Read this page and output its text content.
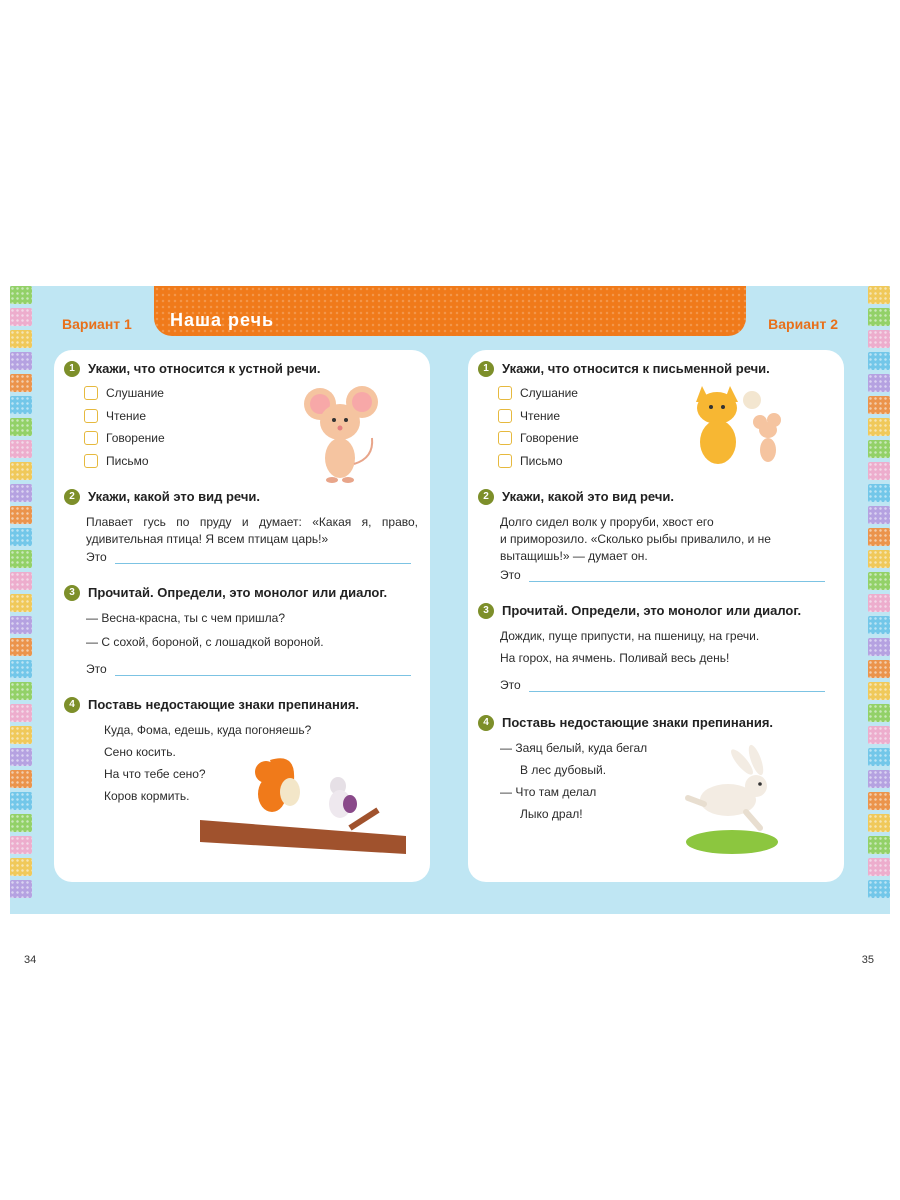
Наша речь
Вариант 1	Вариант 2
1 Укажи, что относится к устной речи.
Слушание
Чтение
Говорение
Письмо
2 Укажи, какой это вид речи.
Плавает гусь по пруду и думает: «Какая я, право, удивительная птица! Я всем птицам царь!»
Это
3 Прочитай. Определи, это монолог или диалог.
— Весна-красна, ты с чем пришла?
— С сохой, бороной, с лошадкой вороной.
Это
4 Поставь недостающие знаки препинания.
Куда, Фома, едешь, куда погоняешь?
Сено косить.
На что тебе сено?
Коров кормить.
34
1 Укажи, что относится к письменной речи.
Слушание
Чтение
Говорение
Письмо
2 Укажи, какой это вид речи.
Долго сидел волк у проруби, хвост его
и приморозило. «Сколько рыбы привалило, и не
вытащишь!» — думает он.
Это
3 Прочитай. Определи, это монолог или диалог.
Дождик, пуще припусти, на пшеницу, на гречи.
На горох, на ячмень. Поливай весь день!
Это
4 Поставь недостающие знаки препинания.
— Заяц белый, куда бегал
В лес дубовый.
— Что там делал
Лыко драл!
35
